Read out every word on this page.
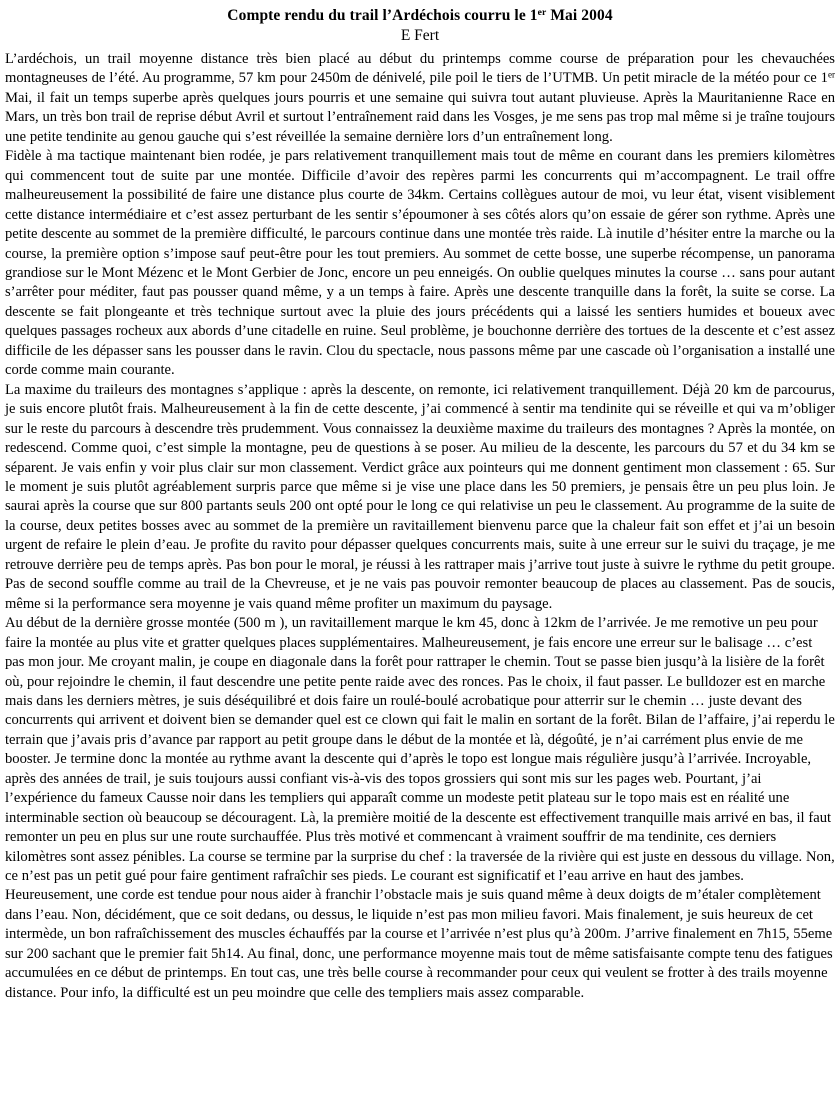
Compte rendu du trail l’Ardéchois courru le 1er Mai 2004
E Fert

L’ardéchois, un trail moyenne distance très bien placé au début du printemps comme course de préparation pour les chevauchées montagneuses de l’été. Au programme, 57 km pour 2450m de dénivelé, pile poil le tiers de l’UTMB. Un petit miracle de la météo pour ce 1er Mai, il fait un temps superbe après quelques jours pourris et une semaine qui suivra tout autant pluvieuse. Après la Mauritanienne Race en Mars, un très bon trail de reprise début Avril et surtout l’entraînement raid dans les Vosges, je me sens pas trop mal même si je traîne toujours une petite tendinite au genou gauche qui s’est réveillée la semaine dernière lors d’un entraînement long.

Fidèle à ma tactique maintenant bien rodée, je pars relativement tranquillement mais tout de même en courant dans les premiers kilomètres qui commencent tout de suite par une montée. Difficile d’avoir des repères parmi les concurrents qui m’accompagnent. Le trail offre malheureusement la possibilité de faire une distance plus courte de 34km. Certains collègues autour de moi, vu leur état, visent visiblement cette distance intermédiaire et c’est assez perturbant de les sentir s’époumoner à ses côtés alors qu’on essaie de gérer son rythme. Après une petite descente au sommet de la première difficulté, le parcours continue dans une montée très raide. Là inutile d’hésiter entre la marche ou la course, la première option s’impose sauf peut-être pour les tout premiers. Au sommet de cette bosse, une superbe récompense, un panorama grandiose sur le Mont Mézenc et le Mont Gerbier de Jonc, encore un peu enneigés. On oublie quelques minutes la course … sans pour autant s’arrêter pour méditer, faut pas pousser quand même, y a un temps à faire. Après une descente tranquille dans la forêt, la suite se corse. La descente se fait plongeante et très technique surtout avec la pluie des jours précédents qui a laissé les sentiers humides et boueux avec quelques passages rocheux aux abords d’une citadelle en ruine. Seul problème, je bouchonne derrière des tortues de la descente et c’est assez difficile de les dépasser sans les pousser dans le ravin. Clou du spectacle, nous passons même par une cascade où l’organisation a installé une corde comme main courante.

La maxime du traileurs des montagnes s’applique : après la descente, on remonte, ici relativement tranquillement. Déjà 20 km de parcourus, je suis encore plutôt frais. Malheureusement à la fin de cette descente, j’ai commencé à sentir ma tendinite qui se réveille et qui va m’obliger sur le reste du parcours à descendre très prudemment. Vous connaissez la deuxième maxime du traileurs des montagnes ? Après la montée, on redescend. Comme quoi, c’est simple la montagne, peu de questions à se poser. Au milieu de la descente, les parcours du 57 et du 34 km se séparent. Je vais enfin y voir plus clair sur mon classement. Verdict grâce aux pointeurs qui me donnent gentiment mon classement : 65. Sur le moment je suis plutôt agréablement surpris parce que même si je vise une place dans les 50 premiers, je pensais être un peu plus loin. Je saurai après la course que sur 800 partants seuls 200 ont opté pour le long ce qui relativise un peu le classement. Au programme de la suite de la course, deux petites bosses avec au sommet de la première un ravitaillement bienvenu parce que la chaleur fait son effet et j’ai un besoin urgent de refaire le plein d’eau. Je profite du ravito pour dépasser quelques concurrents mais, suite à une erreur sur le suivi du traçage, je me retrouve derrière peu de temps après. Pas bon pour le moral, je réussi à les rattraper mais j’arrive tout juste à suivre le rythme du petit groupe. Pas de second souffle comme au trail de la Chevreuse, et je ne vais pas pouvoir remonter beaucoup de places au classement. Pas de soucis, même si la performance sera moyenne je vais quand même profiter un maximum du paysage.

Au début de la dernière grosse montée (500 m ), un ravitaillement marque le km 45, donc à 12km de l’arrivée. Je me remotive un peu pour faire la montée au plus vite et gratter quelques places supplémentaires. Malheureusement, je fais encore une erreur sur le balisage … c’est pas mon jour. Me croyant malin, je coupe en diagonale dans la forêt pour rattraper le chemin. Tout se passe bien jusqu’à la lisière de la forêt où, pour rejoindre le chemin, il faut descendre une petite pente raide avec des ronces. Pas le choix, il faut passer. Le bulldozer est en marche mais dans les derniers mètres, je suis déséquilibré et dois faire un roulé-boulé acrobatique pour atterrir sur le chemin … juste devant des concurrents qui arrivent et doivent bien se demander quel est ce clown qui fait le malin en sortant de la forêt. Bilan de l’affaire, j’ai reperdu le terrain que j’avais pris d’avance par rapport au petit groupe dans le début de la montée et là, dégoûté, je n’ai carrément plus envie de me booster. Je termine donc la montée au rythme avant la descente qui d’après le topo est longue mais régulière jusqu’à l’arrivée. Incroyable, après des années de trail, je suis toujours aussi confiant vis-à-vis des topos grossiers qui sont mis sur les pages web. Pourtant, j’ai l’expérience du fameux Causse noir dans les templiers qui apparaît comme un modeste petit plateau sur le topo mais est en réalité une interminable section où beaucoup se découragent. Là, la première moitié de la descente est effectivement tranquille mais arrivé en bas, il faut remonter un peu en plus sur une route surchauffée. Plus très motivé et commencant à vraiment souffrir de ma tendinite, ces derniers kilomètres sont assez pénibles. La course se termine par la surprise du chef : la traversée de la rivière qui est juste en dessous du village. Non, ce n’est pas un petit gué pour faire gentiment rafraîchir ses pieds. Le courant est significatif et l’eau arrive en haut des jambes. Heureusement, une corde est tendue pour nous aider à franchir l’obstacle mais je suis quand même à deux doigts de m’étaler complètement dans l’eau. Non, décidément, que ce soit dedans, ou dessus, le liquide n’est pas mon milieu favori. Mais finalement, je suis heureux de cet intermède, un bon rafraîchissement des muscles échauffés par la course et l’arrivée n’est plus qu’à 200m. J’arrive finalement en 7h15, 55eme sur 200 sachant que le premier fait 5h14. Au final, donc, une performance moyenne mais tout de même satisfaisante compte tenu des fatigues accumulées en ce début de printemps. En tout cas, une très belle course à recommander pour ceux qui veulent se frotter à des trails moyenne distance. Pour info, la difficulté est un peu moindre que celle des templiers mais assez comparable.
